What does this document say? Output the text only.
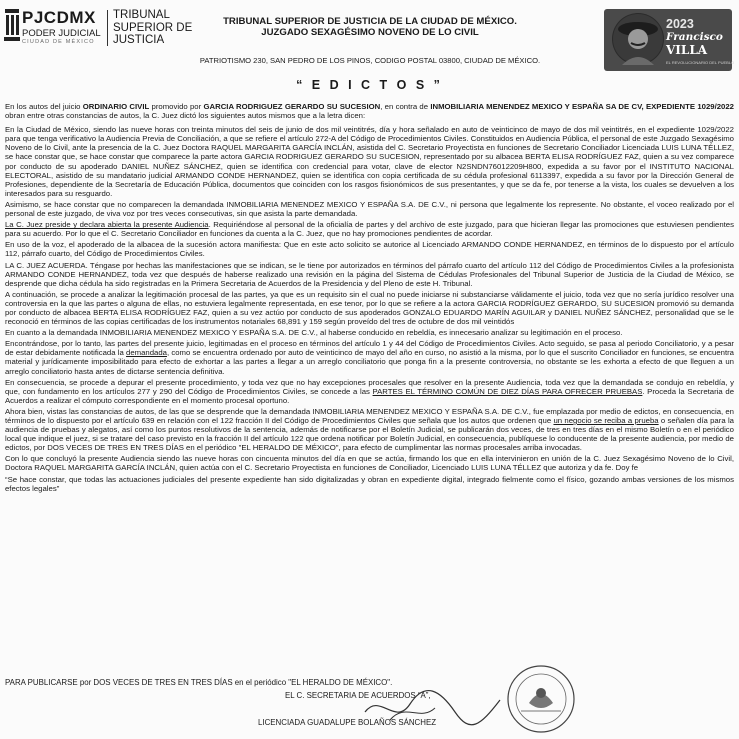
PJCDMX
PODER JUDICIAL
CIUDAD DE MÉXICO
TRIBUNAL
SUPERIOR DE
JUSTICIA
TRIBUNAL SUPERIOR DE JUSTICIA DE LA CIUDAD DE MÉXICO.
JUZGADO SEXAGÉSIMO NOVENO DE LO CIVIL
PATRIOTISMO 230, SAN PEDRO DE LOS PINOS, CODIGO POSTAL 03800, CIUDAD DE MÉXICO.
2023
Francisco
VILLA
EL REVOLUCIONARIO DEL PUEBLO
“ E D I C T O S ”

En los autos del juicio ORDINARIO CIVIL promovido por GARCIA RODRIGUEZ GERARDO SU SUCESION, en contra de INMOBILIARIA MENENDEZ MEXICO Y ESPAÑA SA DE CV, EXPEDIENTE 1029/2022 obran entre otras constancias de autos, la C. Juez dictó los siguientes autos mismos que a la letra dicen:

En la Ciudad de México, siendo las nueve horas con treinta minutos del seis de junio de dos mil veintitrés, día y hora señalado en auto de veinticinco de mayo de dos mil veintitrés, en el expediente 1029/2022 para que tenga verificativo la Audiencia Previa de Conciliación, a que se refiere el artículo 272-A del Código de Procedimientos Civiles. Constituidos en Audiencia Pública, el personal de este Juzgado Sexagésimo Noveno de lo Civil, ante la presencia de la C. Juez Doctora RAQUEL MARGARITA GARCÍA INCLÁN, asistida del C. Secretario Proyectista en funciones de Secretario Conciliador Licenciada LUIS LUNA TÉLLEZ, se hace constar que, se hace constar que comparece la parte actora GARCIA RODRIGUEZ GERARDO SU SUCESION, representado por su albacea BERTA ELISA RODRÍGUEZ FAZ, quien a su vez comparece por conducto de su apoderado DANIEL NUÑEZ SÁNCHEZ, quien se identifica con credencial para votar, clave de elector N2SNDN76012209H800, expedida a su favor por el INSTITUTO NACIONAL ELECTORAL, asistido de su mandatario judicial ARMANDO CONDE HERNANDEZ, quien se identifica con copia certificada de su cédula profesional 6113397, expedida a su favor por la Dirección General de Profesiones, dependiente de la Secretaría de Educación Pública, documentos que coinciden con los rasgos fisionómicos de sus presentantes, y que se da fe, por tenerse a la vista, los cuales se devuelven a los interesados para su resguardo.

Asimismo, se hace constar que no comparecen la demandada INMOBILIARIA MENENDEZ MEXICO Y ESPAÑA S.A. DE C.V., ni persona que legalmente los represente. No obstante, el voceo realizado por el personal de este juzgado, de viva voz por tres veces consecutivas, sin que asista la parte demandada.

La C. Juez preside y declara abierta la presente Audiencia. Requiriéndose al personal de la oficialía de partes y del archivo de este juzgado, para que hicieran llegar las promociones que estuviesen pendientes para su acuerdo. Por lo que el C. Secretario Conciliador en funciones da cuenta a la C. Juez, que no hay promociones pendientes de acordar.

En uso de la voz, el apoderado de la albacea de la sucesión actora manifiesta: Que en este acto solicito se autorice al Licenciado ARMANDO CONDE HERNANDEZ, en términos de lo dispuesto por el artículo 112, párrafo cuarto, del Código de Procedimientos Civiles.

LA C. JUEZ ACUERDA. Téngase por hechas las manifestaciones que se indican, se le tiene por autorizados en términos del párrafo cuarto del artículo 112 del Código de Procedimientos Civiles a la profesionista ARMANDO CONDE HERNANDEZ, toda vez que después de haberse realizado una revisión en la página del Sistema de Cédulas Profesionales del Tribunal Superior de Justicia de la Ciudad de México, se desprende que dicha cédula ha sido registradas en la Primera Secretaria de Acuerdos de la Presidencia y del Pleno de este H. Tribunal.

A continuación, se procede a analizar la legitimación procesal de las partes, ya que es un requisito sin el cual no puede iniciarse ni substanciarse válidamente el juicio, toda vez que no sería jurídico resolver una controversia en la que las partes o alguna de ellas, no estuviera legalmente representada, en ese tenor, por lo que se refiere a la actora GARCIA RODRÍGUEZ GERARDO, SU SUCESION promovió su demanda por conducto de albacea BERTA ELISA RODRÍGUEZ FAZ, quien a su vez actúo por conducto de sus apoderados GONZALO EDUARDO MARÍN AGUILAR y DANIEL NUÑEZ SÁNCHEZ, personalidad que se le reconoció en términos de las copias certificadas de los instrumentos notariales 68,891 y 159 según proveído del tres de octubre de dos mil veintidós

En cuanto a la demandada INMOBILIARIA MENENDEZ MEXICO Y ESPAÑA S.A. DE C.V., al haberse conducido en rebeldía, es innecesario analizar su legitimación en el proceso.

Encontrándose, por lo tanto, las partes del presente juicio, legitimadas en el proceso en términos del artículo 1 y 44 del Código de Procedimientos Civiles. Acto seguido, se pasa al periodo Conciliatorio, y a pesar de estar debidamente notificada la demandada, como se encuentra ordenado por auto de veinticinco de mayo del año en curso, no asistió a la misma, por lo que el suscrito Conciliador en funciones, se encuentra material y jurídicamente imposibilitado para efecto de exhortar a las partes a llegar a un arreglo conciliatorio que ponga fin a la presente controversia, no obstante se les exhorta a efecto de que lleguen a un arreglo conciliatorio hasta antes de dictarse sentencia definitiva.

En consecuencia, se procede a depurar el presente procedimiento, y toda vez que no hay excepciones procesales que resolver en la presente Audiencia, toda vez que la demandada se condujo en rebeldía, y que, con fundamento en los artículos 277 y 290 del Código de Procedimientos Civiles, se concede a las PARTES EL TÉRMINO COMÚN DE DIEZ DÍAS PARA OFRECER PRUEBAS. Proceda la Secretaria de Acuerdos a realizar el cómputo correspondiente en el momento procesal oportuno.

Ahora bien, vistas las constancias de autos, de las que se desprende que la demandada INMOBILIARIA MENENDEZ MEXICO Y ESPAÑA S.A. DE C.V., fue emplazada por medio de edictos, en consecuencia, en términos de lo dispuesto por el artículo 639 en relación con el 122 fracción II del Código de Procedimientos Civiles que señala que los autos que ordenen que un negocio se reciba a prueba o señalen día para la audiencia de pruebas y alegatos, así como los puntos resolutivos de la sentencia, además de notificarse por el Boletín Judicial, se publicarán dos veces, de tres en tres días en el mismo Boletín o en el periódico local que indique el juez, si se tratare del caso previsto en la fracción II del artículo 122 que ordena notificar por Boletín Judicial, en consecuencia, publíquese lo conducente de la presente audiencia, por medio de edictos, por DOS VECES DE TRES EN TRES DÍAS en el periódico "EL HERALDO DE MÉXICO", para efecto de cumplimentar las normas procesales arriba invocadas.

Con lo que concluyó la presente Audiencia siendo las nueve horas con cincuenta minutos del día en que se actúa, firmando los que en ella intervinieron en unión de la C. Juez Sexagésimo Noveno de lo Civil, Doctora RAQUEL MARGARITA GARCÍA INCLÁN, quien actúa con el C. Secretario Proyectista en funciones de Conciliador, Licenciado LUIS LUNA TÉLLEZ que autoriza y da fe. Doy fe

“Se hace constar, que todas las actuaciones judiciales del presente expediente han sido digitalizadas y obran en expediente digital, integrado fielmente como el físico, gozando ambas versiones de los mismos efectos legales”

PARA PUBLICARSE por DOS VECES DE TRES EN TRES DÍAS en el periódico "EL HERALDO DE MÉXICO".
EL C. SECRETARIA DE ACUERDOS “A”,
LICENCIADA GUADALUPE BOLAÑOS SÁNCHEZ
